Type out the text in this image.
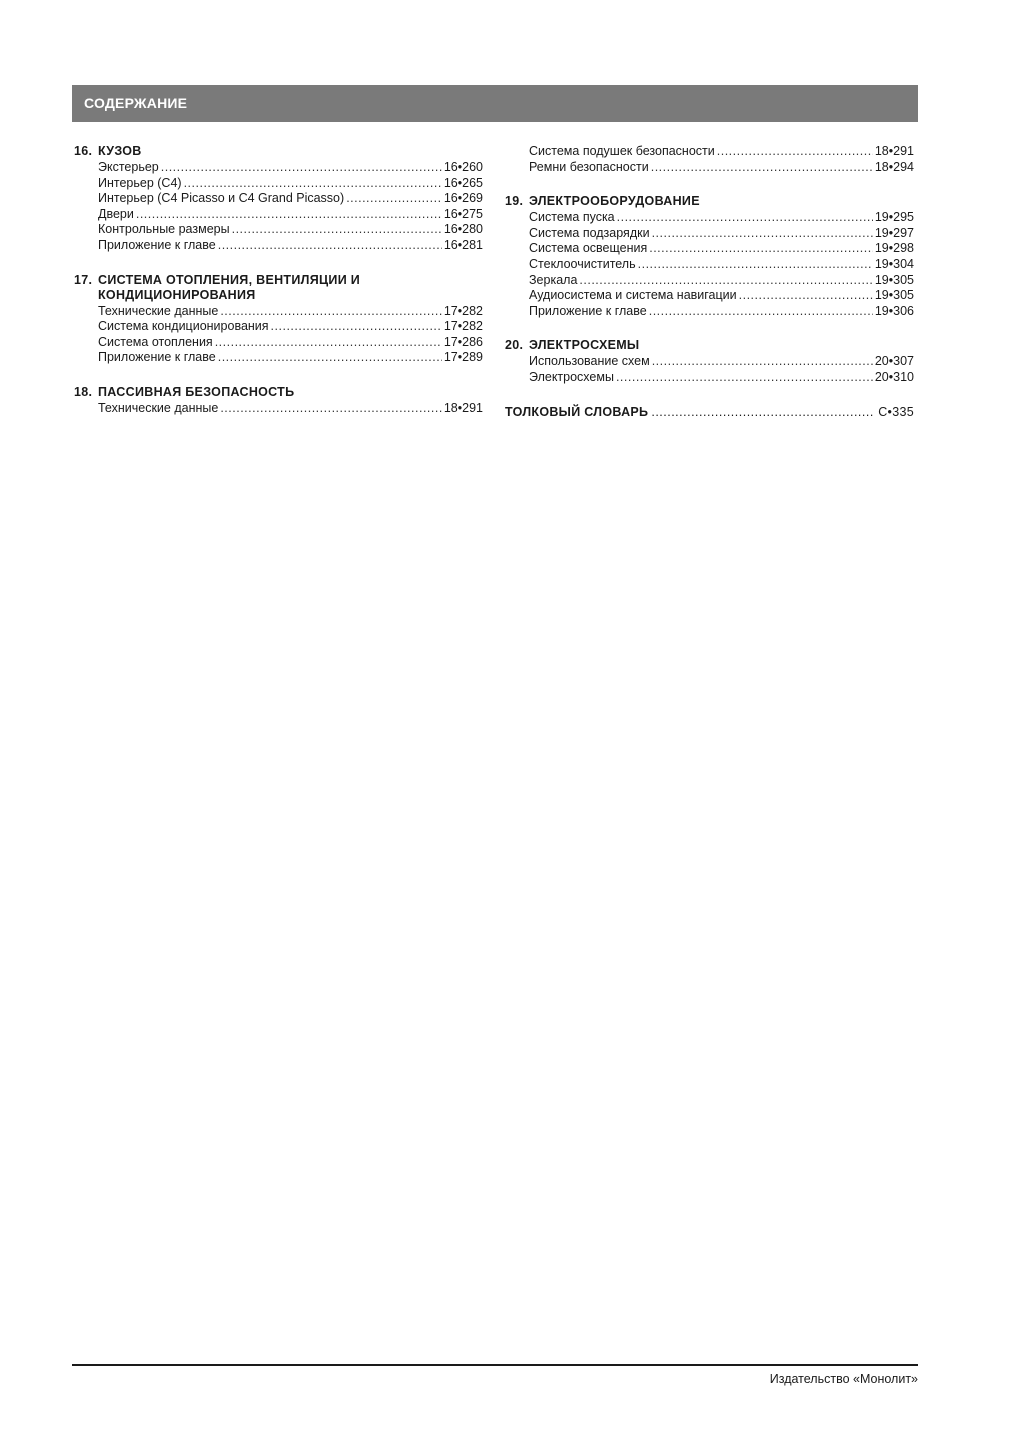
СОДЕРЖАНИЕ
16. КУЗОВ
Экстерьер .....	16•260
Интерьер (С4) .....	16•265
Интерьер (C4 Picasso и C4 Grand Picasso) .....	16•269
Двери .....	16•275
Контрольные размеры .....	16•280
Приложение к главе .....	16•281
17. СИСТЕМА ОТОПЛЕНИЯ, ВЕНТИЛЯЦИИ И КОНДИЦИОНИРОВАНИЯ
Технические данные .....	17•282
Система кондиционирования .....	17•282
Система отопления .....	17•286
Приложение к главе .....	17•289
18. ПАССИВНАЯ БЕЗОПАСНОСТЬ
Технические данные .....	18•291
Система подушек безопасности .....	18•291
Ремни безопасности .....	18•294
19. ЭЛЕКТРООБОРУДОВАНИЕ
Система пуска .....	19•295
Система подзарядки .....	19•297
Система освещения .....	19•298
Стеклоочиститель .....	19•304
Зеркала .....	19•305
Аудиосистема и система навигации .....	19•305
Приложение к главе .....	19•306
20. ЭЛЕКТРОСХЕМЫ
Использование схем .....	20•307
Электросхемы .....	20•310
ТОЛКОВЫЙ СЛОВАРЬ .....	С•335
Издательство «Монолит»
